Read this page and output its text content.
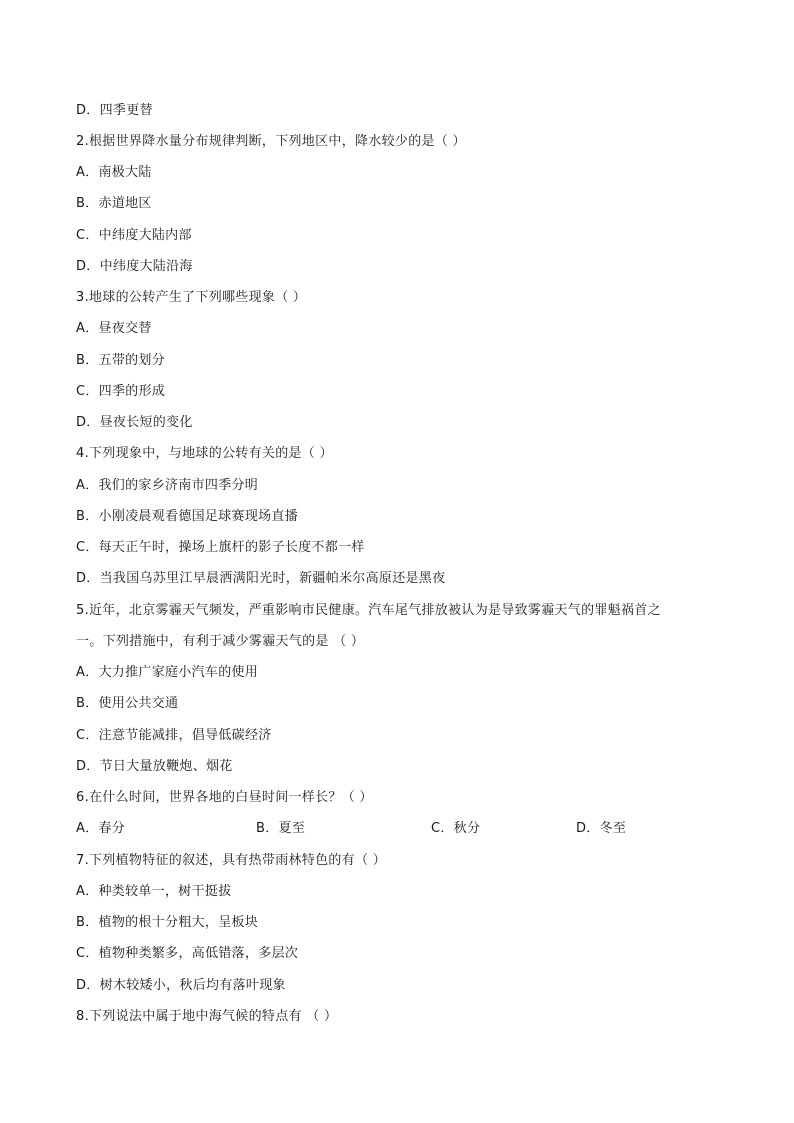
D．四季更替
2.根据世界降水量分布规律判断，下列地区中，降水较少的是（ ）
A．南极大陆
B．赤道地区
C．中纬度大陆内部
D．中纬度大陆沿海
3.地球的公转产生了下列哪些现象（ ）
A．昼夜交替
B．五带的划分
C．四季的形成
D．昼夜长短的变化
4.下列现象中，与地球的公转有关的是（ ）
A．我们的家乡济南市四季分明
B．小刚凌晨观看德国足球赛现场直播
C．每天正午时，操场上旗杆的影子长度不都一样
D．当我国乌苏里江早晨洒满阳光时，新疆帕米尔高原还是黑夜
5.近年，北京雾霾天气频发，严重影响市民健康。汽车尾气排放被认为是导致雾霾天气的罪魁祸首之
一。下列措施中，有利于减少雾霾天气的是 （ ）
A．大力推广家庭小汽车的使用
B．使用公共交通
C．注意节能减排，倡导低碳经济
D．节日大量放鞭炮、烟花
6.在什么时间，世界各地的白昼时间一样长？（ ）
A．春分	B．夏至	C．秋分	D．冬至
7.下列植物特征的叙述，具有热带雨林特色的有（ ）
A．种类较单一，树干挺拔
B．植物的根十分粗大，呈板块
C．植物种类繁多，高低错落，多层次
D．树木较矮小，秋后均有落叶现象
8.下列说法中属于地中海气候的特点有 （ ）
